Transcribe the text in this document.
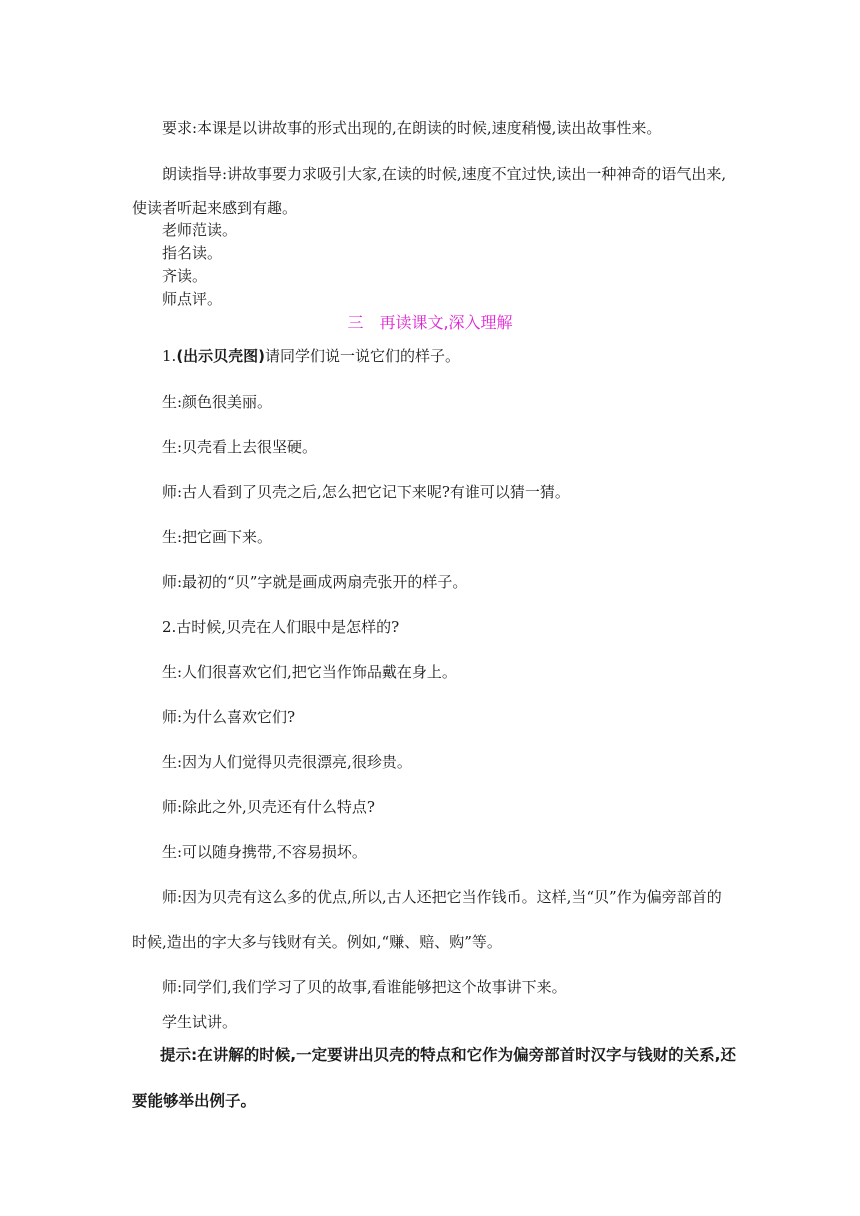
要求:本课是以讲故事的形式出现的,在朗读的时候,速度稍慢,读出故事性来。
朗读指导:讲故事要力求吸引大家,在读的时候,速度不宜过快,读出一种神奇的语气出来,
使读者听起来感到有趣。
老师范读。
指名读。
齐读。
师点评。
三　再读课文,深入理解
1.(出示贝壳图)请同学们说一说它们的样子。
生:颜色很美丽。
生:贝壳看上去很坚硬。
师:古人看到了贝壳之后,怎么把它记下来呢?有谁可以猜一猜。
生:把它画下来。
师:最初的“贝”字就是画成两扇壳张开的样子。
2.古时候,贝壳在人们眼中是怎样的?
生:人们很喜欢它们,把它当作饰品戴在身上。
师:为什么喜欢它们?
生:因为人们觉得贝壳很漂亮,很珍贵。
师:除此之外,贝壳还有什么特点?
生:可以随身携带,不容易损坏。
师:因为贝壳有这么多的优点,所以,古人还把它当作钱币。这样,当“贝”作为偏旁部首的
时候,造出的字大多与钱财有关。例如,“赚、赔、购”等。
师:同学们,我们学习了贝的故事,看谁能够把这个故事讲下来。
学生试讲。
提示:在讲解的时候,一定要讲出贝壳的特点和它作为偏旁部首时汉字与钱财的关系,还
要能够举出例子。
